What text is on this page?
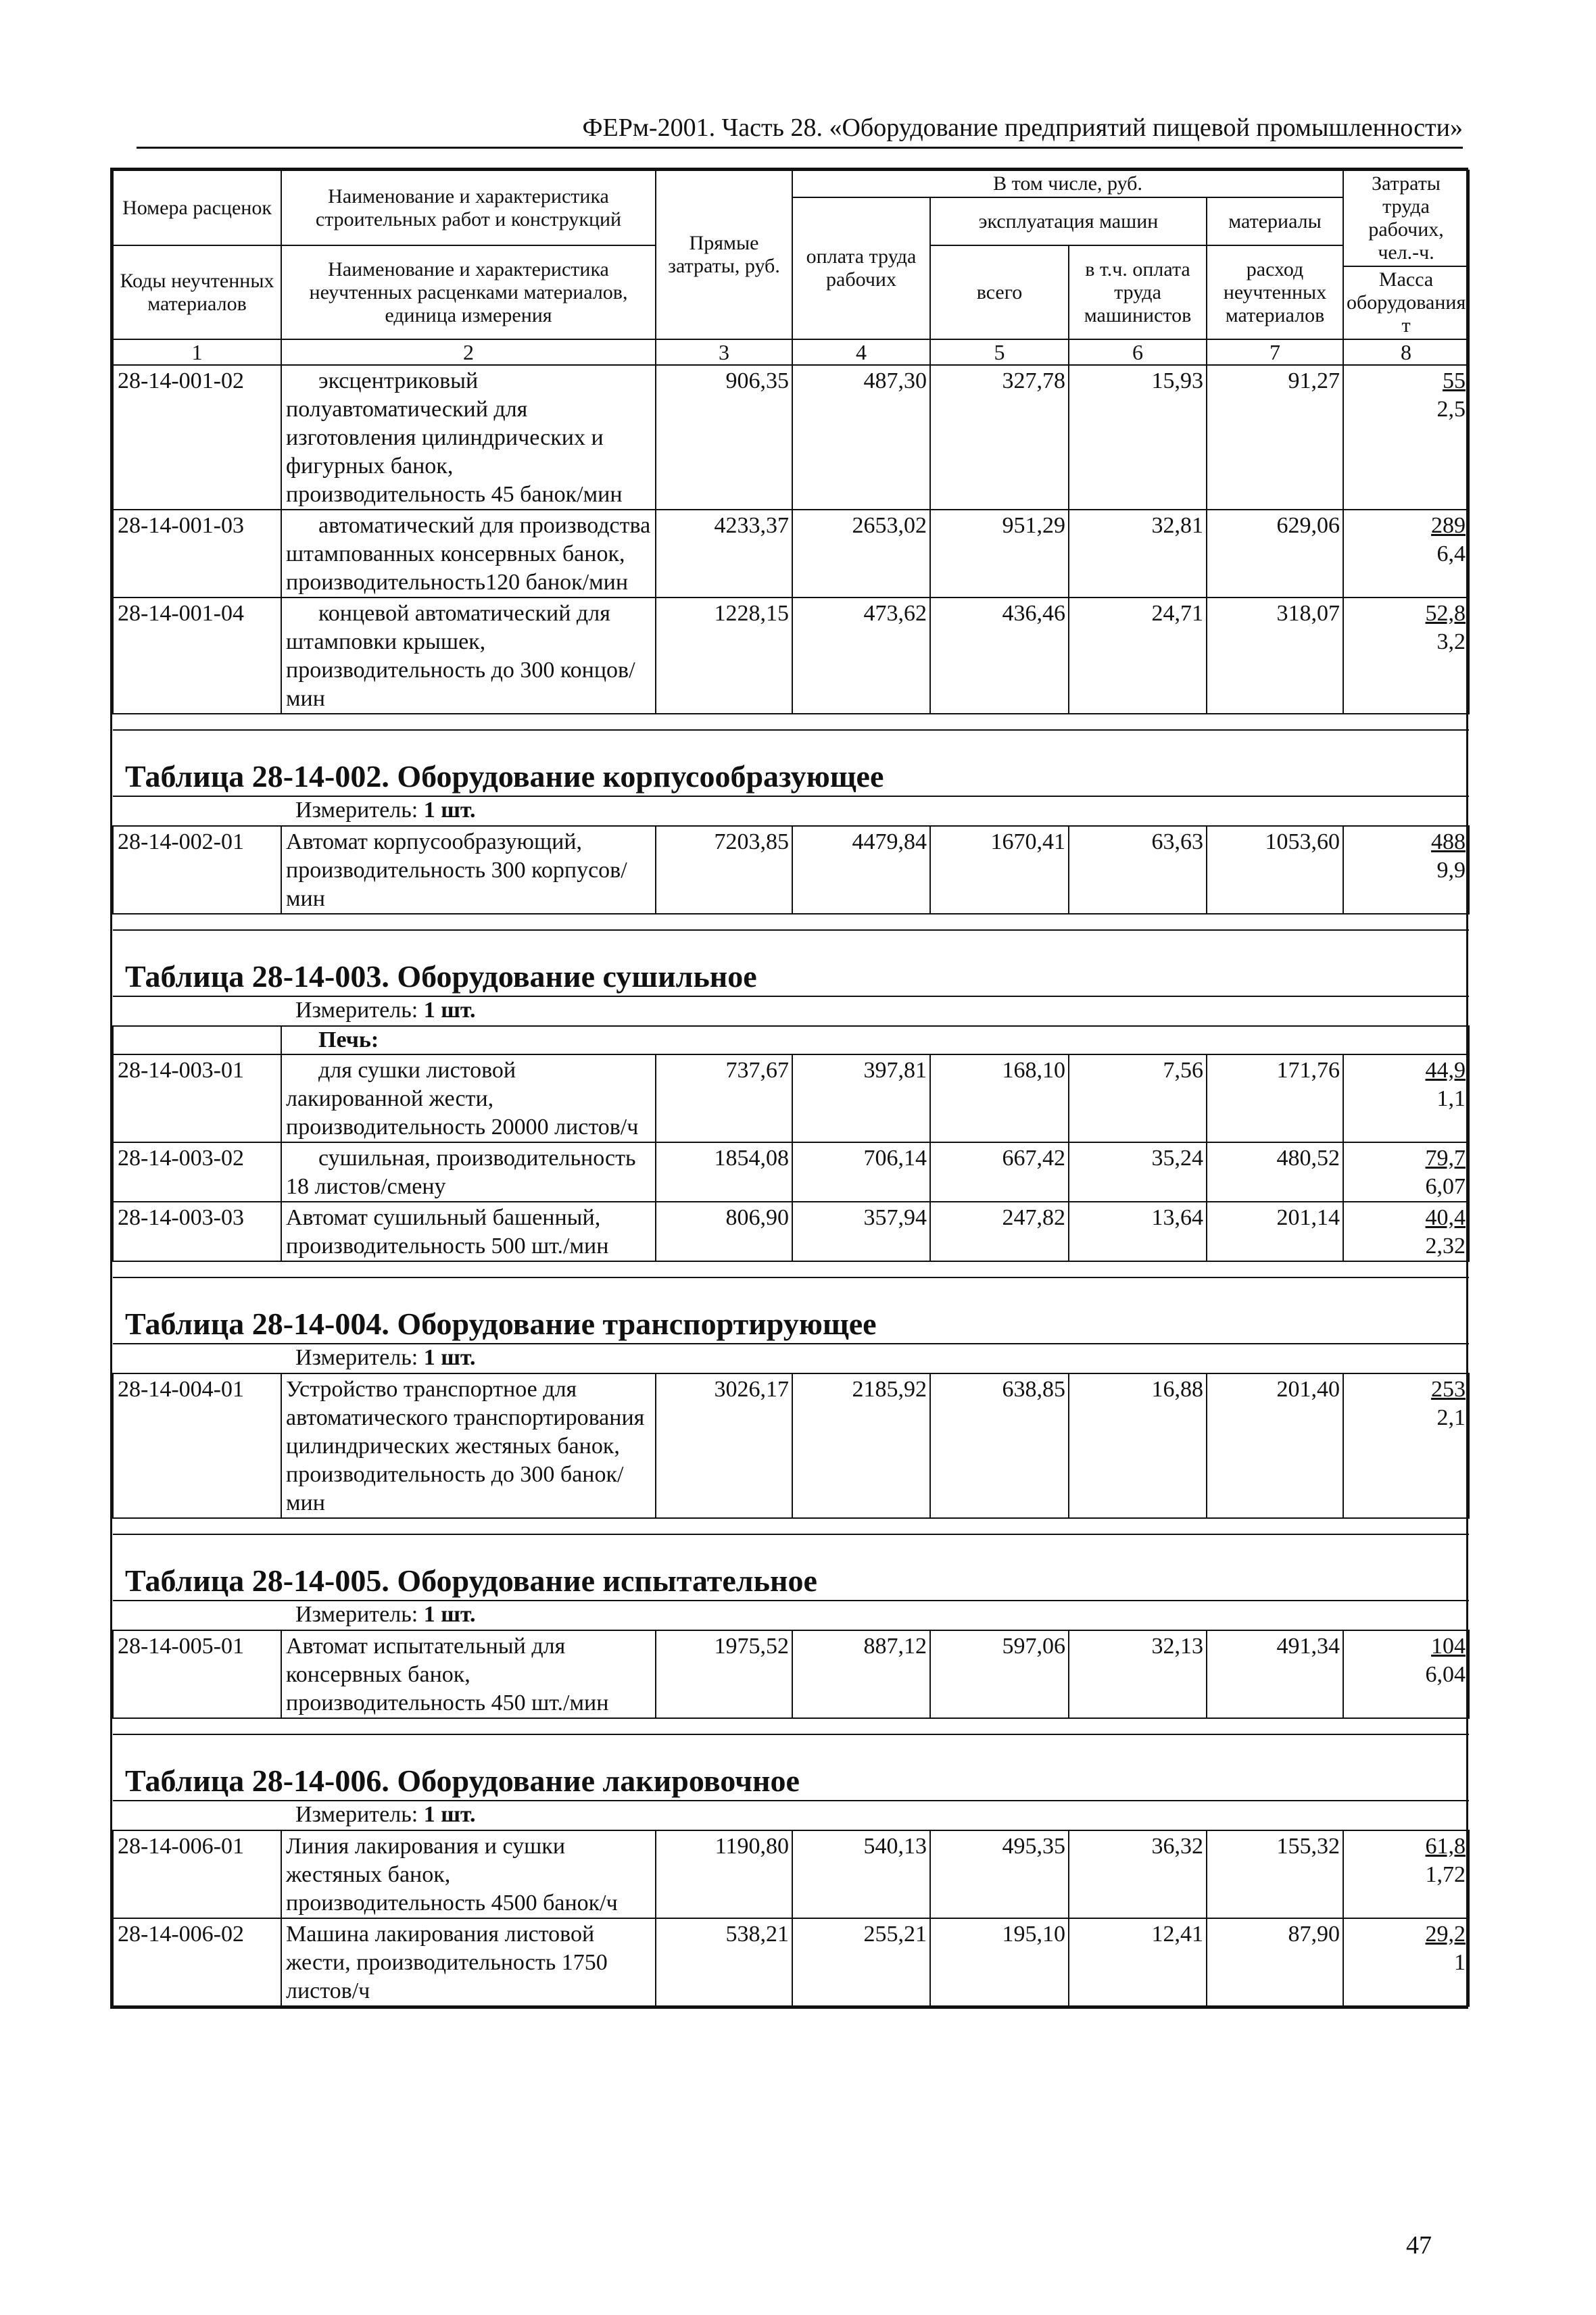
ФЕРм-2001. Часть 28. «Оборудование предприятий пищевой промышленности»
Номера расценок	Наименование и характеристика строительных работ и конструкций	Прямые затраты, руб.	В том числе, руб.				Затраты труда рабочих, чел.-ч.
			оплата труда рабочих	эксплуатация машин		материалы	
Коды неучтенных материалов	Наименование и характеристика неучтенных расценками материалов, единица измерения			всего	в т.ч. оплата труда машинистов	расход неучтенных материалов	
							Масса оборудования, т
1	2	3	4	5	6	7	8
28-14-001-02	эксцентриковый полуавтоматический для изготовления цилиндрических и фигурных банок, производительность 45 банок/мин	906,35	487,30	327,78	15,93	91,27	55
2,5

28-14-001-03	автоматический для производства штампованных консервных банок, производительность120 банок/мин	4233,37	2653,02	951,29	32,81	629,06	289
6,4

28-14-001-04	концевой автоматический для штамповки крышек, производительность до 300 концов/мин	1228,15	473,62	436,46	24,71	318,07	52,8
3,2

Таблица 28-14-002. Оборудование корпусообразующее							
Измеритель: 1 шт.							
28-14-002-01	Автомат корпусообразующий, производительность 300 корпусов/мин	7203,85	4479,84	1670,41	63,63	1053,60	488
9,9

Таблица 28-14-003. Оборудование сушильное							
Измеритель: 1 шт.							
	Печь:						
28-14-003-01	для сушки листовой лакированной жести, производительность 20000 листов/ч	737,67	397,81	168,10	7,56	171,76	44,9
1,1

28-14-003-02	сушильная, производительность 18 листов/смену	1854,08	706,14	667,42	35,24	480,52	79,7
6,07

28-14-003-03	Автомат сушильный башенный, производительность 500 шт./мин	806,90	357,94	247,82	13,64	201,14	40,4
2,32

Таблица 28-14-004. Оборудование транспортирующее							
Измеритель: 1 шт.							
28-14-004-01	Устройство транспортное для автоматического транспортирования цилиндрических жестяных банок, производительность до 300 банок/мин	3026,17	2185,92	638,85	16,88	201,40	253
2,1

Таблица 28-14-005. Оборудование испытательное							
Измеритель: 1 шт.							
28-14-005-01	Автомат испытательный для консервных банок, производительность 450 шт./мин	1975,52	887,12	597,06	32,13	491,34	104
6,04

Таблица 28-14-006. Оборудование лакировочное							
Измеритель: 1 шт.							
28-14-006-01	Линия лакирования и сушки жестяных банок, производительность 4500 банок/ч	1190,80	540,13	495,35	36,32	155,32	61,8
1,72

28-14-006-02	Машина лакирования листовой жести, производительность 1750 листов/ч	538,21	255,21	195,10	12,41	87,90	29,2
1
47
